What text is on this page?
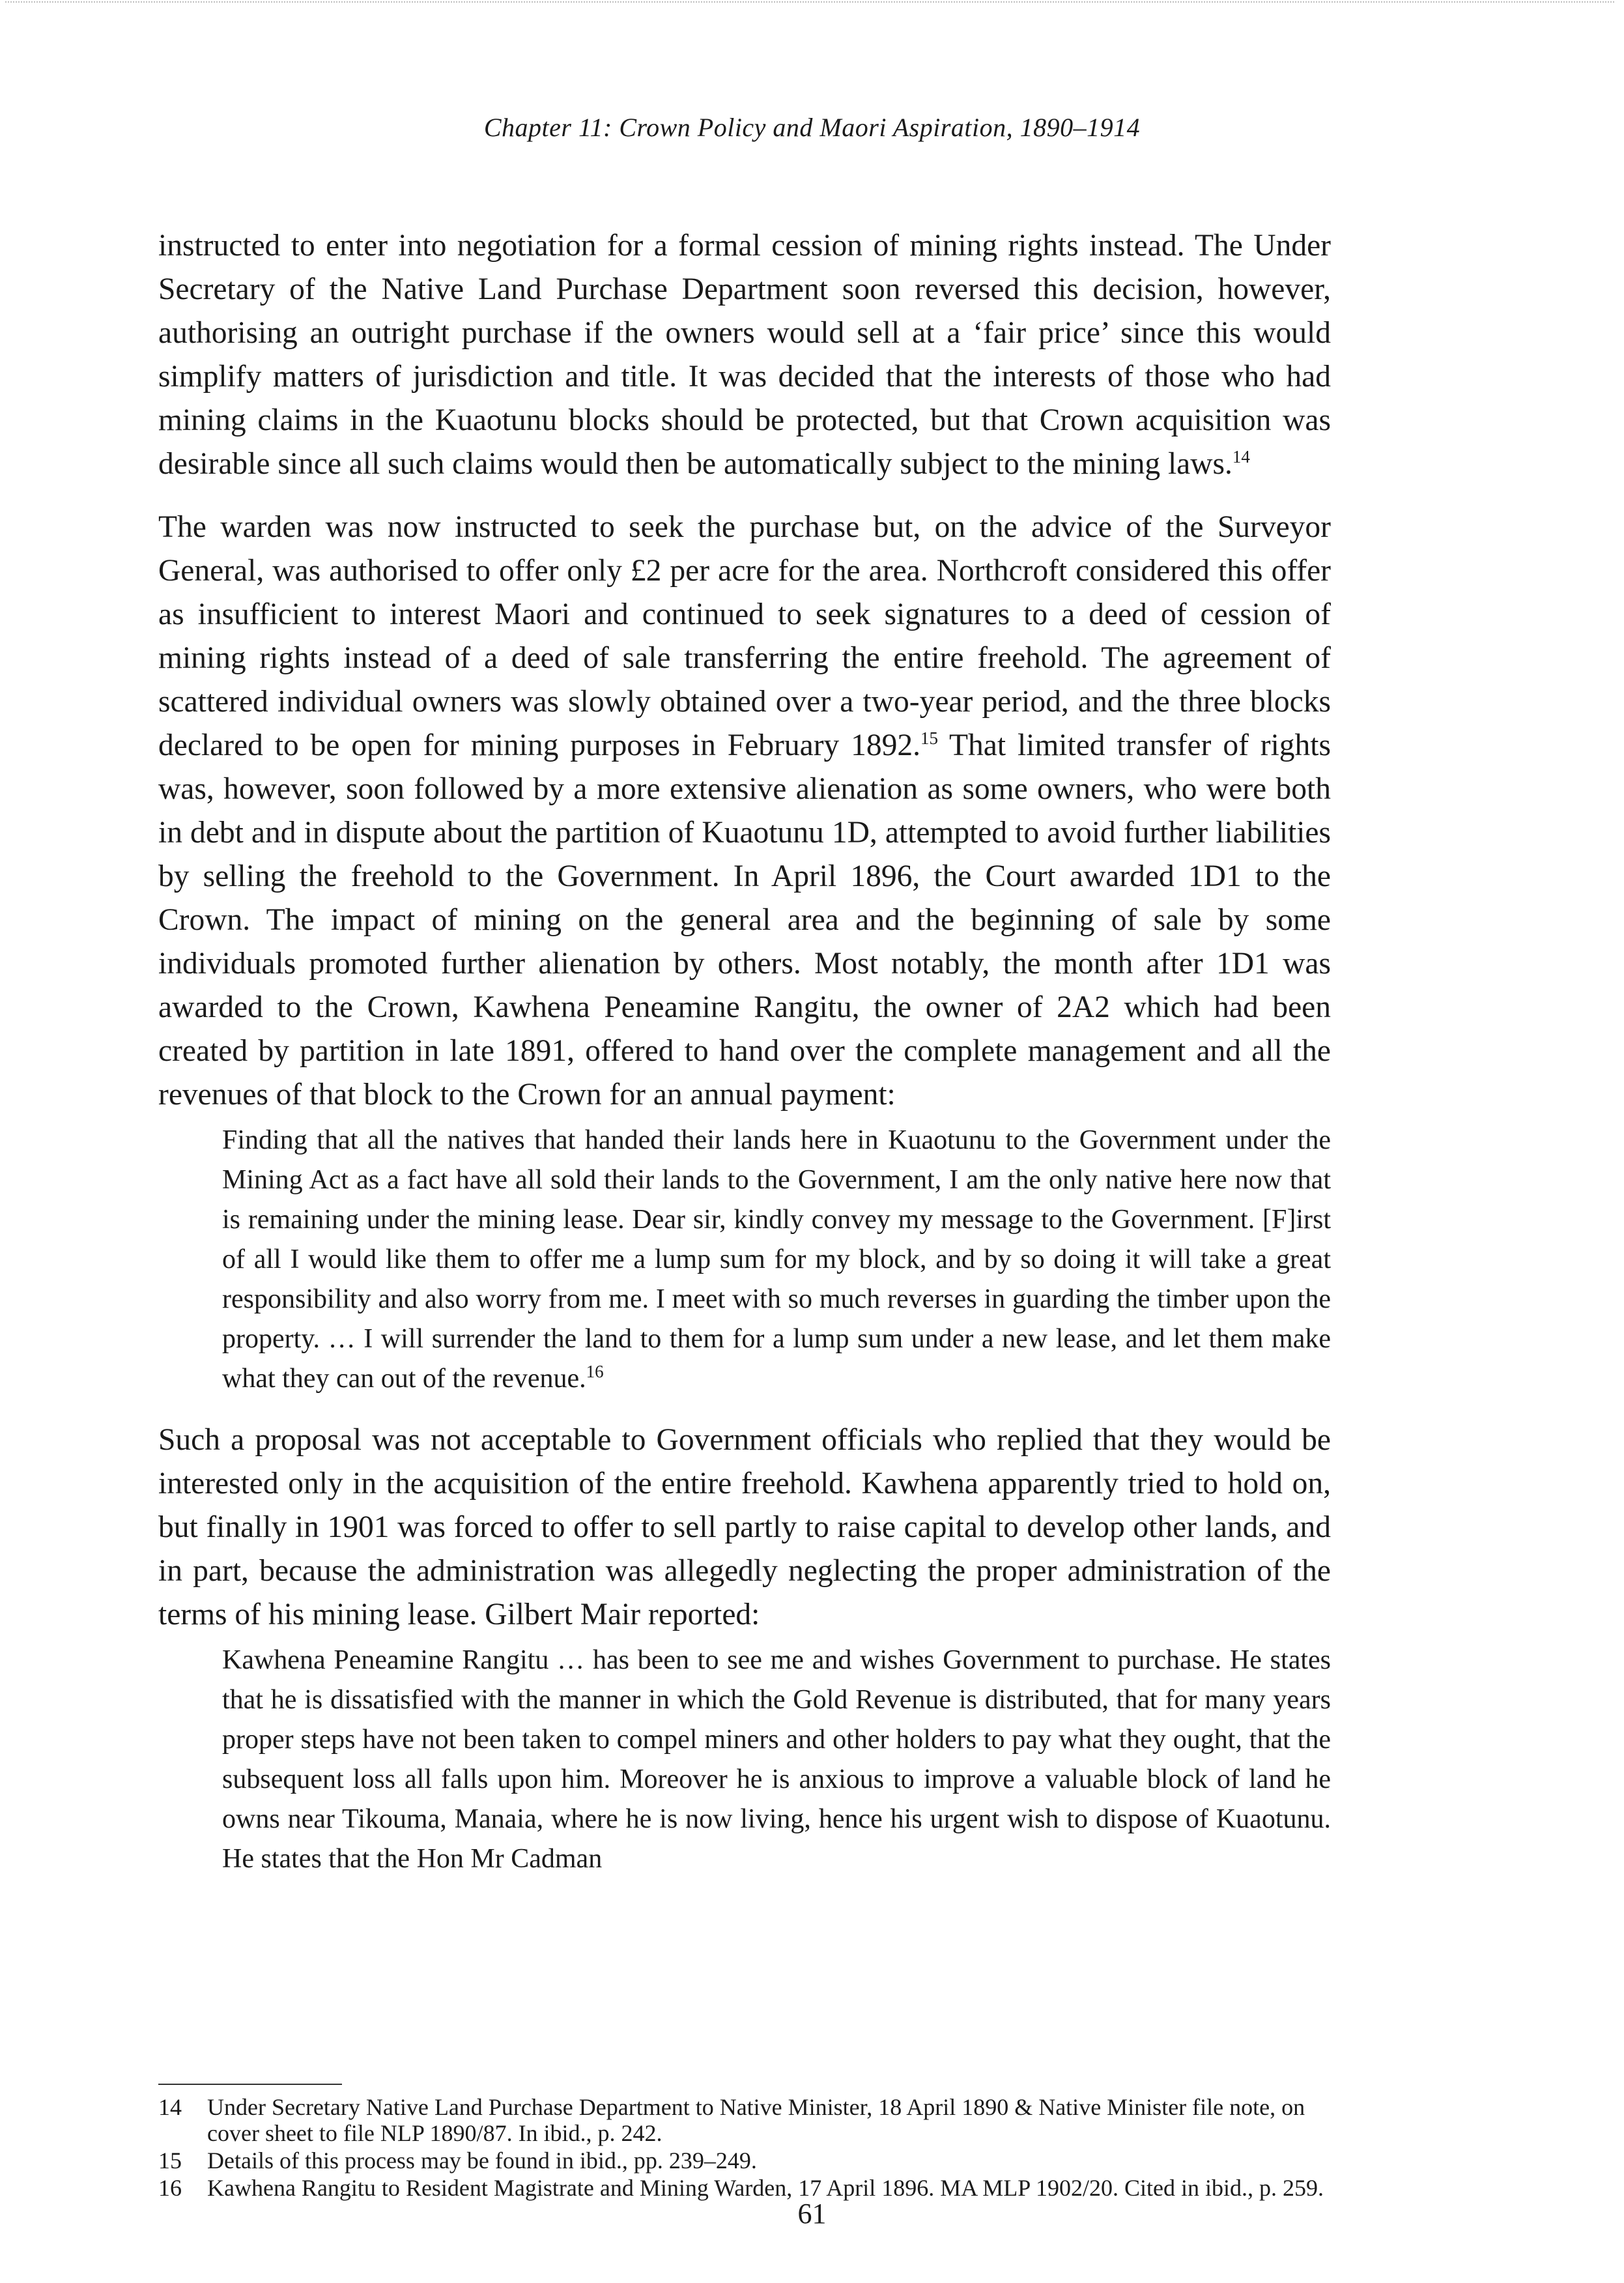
Chapter 11: Crown Policy and Maori Aspiration, 1890–1914

instructed to enter into negotiation for a formal cession of mining rights instead. The Under Secretary of the Native Land Purchase Department soon reversed this decision, however, authorising an outright purchase if the owners would sell at a ‘fair price’ since this would simplify matters of jurisdiction and title. It was decided that the interests of those who had mining claims in the Kuaotunu blocks should be protected, but that Crown acquisition was desirable since all such claims would then be automatically subject to the mining laws.$^{14}$

The warden was now instructed to seek the purchase but, on the advice of the Surveyor General, was authorised to offer only £2 per acre for the area. Northcroft considered this offer as insufficient to interest Maori and continued to seek signatures to a deed of cession of mining rights instead of a deed of sale transferring the entire freehold. The agreement of scattered individual owners was slowly obtained over a two-year period, and the three blocks declared to be open for mining purposes in February 1892.15 That limited transfer of rights was, however, soon followed by a more extensive alienation as some owners, who were both in debt and in dispute about the partition of Kuaotunu 1D, attempted to avoid further liabilities by selling the freehold to the Government. In April 1896, the Court awarded 1D1 to the Crown. The impact of mining on the general area and the beginning of sale by some individuals promoted further alienation by others. Most notably, the month after 1D1 was awarded to the Crown, Kawhena Peneamine Rangitu, the owner of 2A2 which had been created by partition in late 1891, offered to hand over the complete management and all the revenues of that block to the Crown for an annual payment:

Finding that all the natives that handed their lands here in Kuaotunu to the Government under the Mining Act as a fact have all sold their lands to the Government, I am the only native here now that is remaining under the mining lease. Dear sir, kindly convey my message to the Government. [F]irst of all I would like them to offer me a lump sum for my block, and by so doing it will take a great responsibility and also worry from me. I meet with so much reverses in guarding the timber upon the property. … I will surrender the land to them for a lump sum under a new lease, and let them make what they can out of the revenue.$^{16}$

Such a proposal was not acceptable to Government officials who replied that they would be interested only in the acquisition of the entire freehold. Kawhena apparently tried to hold on, but finally in 1901 was forced to offer to sell partly to raise capital to develop other lands, and in part, because the administration was allegedly neglecting the proper administration of the terms of his mining lease. Gilbert Mair reported:

Kawhena Peneamine Rangitu … has been to see me and wishes Government to purchase. He states that he is dissatisfied with the manner in which the Gold Revenue is distributed, that for many years proper steps have not been taken to compel miners and other holders to pay what they ought, that the subsequent loss all falls upon him. Moreover he is anxious to improve a valuable block of land he owns near Tikouma, Manaia, where he is now living, hence his urgent wish to dispose of Kuaotunu. He states that the Hon Mr Cadman

14	Under Secretary Native Land Purchase Department to Native Minister, 18 April 1890 & Native Minister file note, on cover sheet to file NLP 1890/87. In ibid., p. 242.
15	Details of this process may be found in ibid., pp. 239–249.
16	Kawhena Rangitu to Resident Magistrate and Mining Warden, 17 April 1896. MA MLP 1902/20. Cited in ibid., p. 259.
61
